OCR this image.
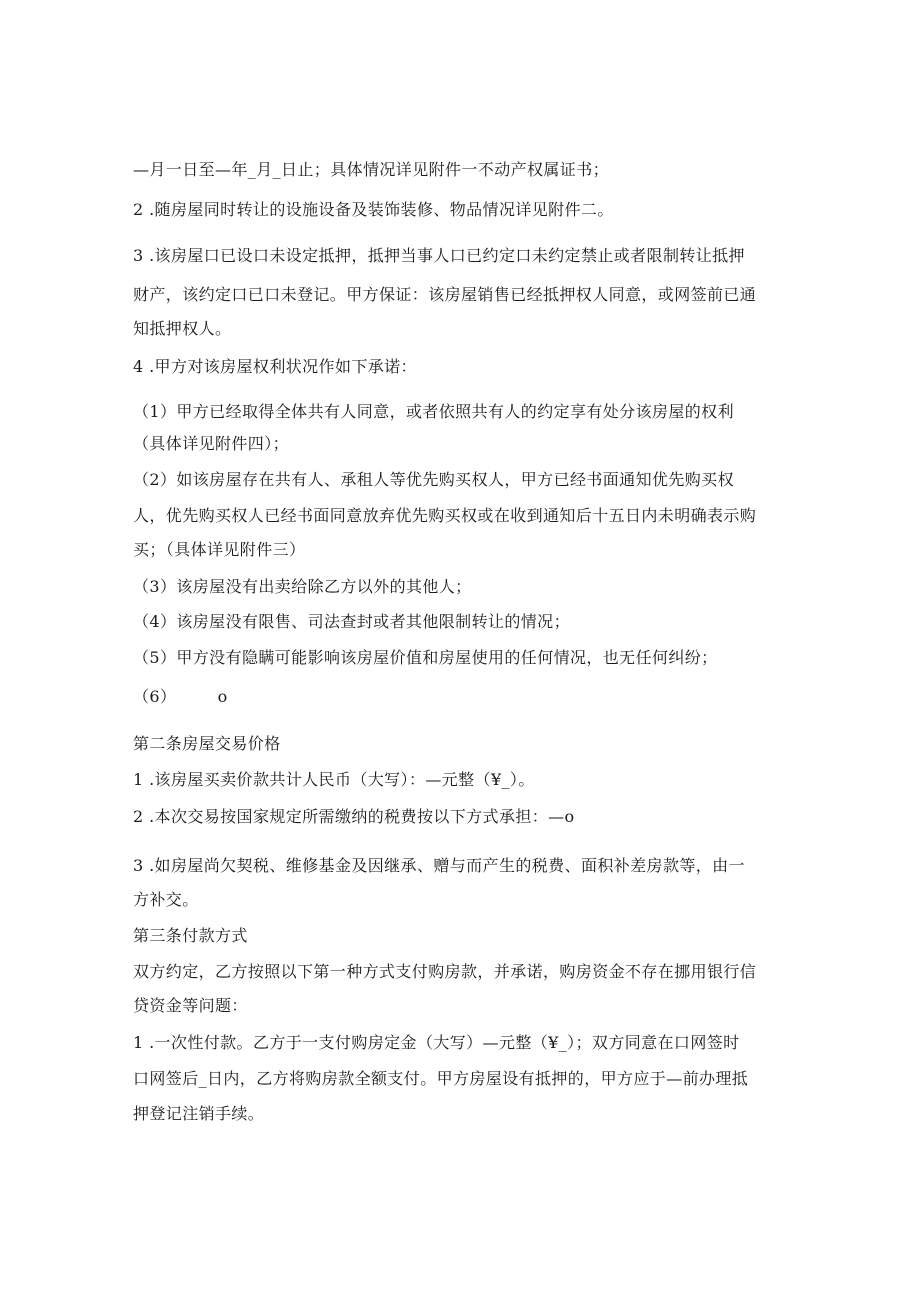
—月一日至—年_月_日止；具体情况详见附件一不动产权属证书；

2 .随房屋同时转让的设施设备及装饰装修、物品情况详见附件二。

3 .该房屋口已设口未设定抵押，抵押当事人口已约定口未约定禁止或者限制转让抵押

财产，该约定口已口未登记。甲方保证：该房屋销售已经抵押权人同意，或网签前已通

知抵押权人。

4 .甲方对该房屋权利状况作如下承诺：

（1）甲方已经取得全体共有人同意，或者依照共有人的约定享有处分该房屋的权利

（具体详见附件四）；

（2）如该房屋存在共有人、承租人等优先购买权人，甲方已经书面通知优先购买权

人，优先购买权人已经书面同意放弃优先购买权或在收到通知后十五日内未明确表示购

买；（具体详见附件三）

（3）该房屋没有出卖给除乙方以外的其他人；

（4）该房屋没有限售、司法查封或者其他限制转让的情况；

（5）甲方没有隐瞒可能影响该房屋价值和房屋使用的任何情况，也无任何纠纷；

（6）　　　o

第二条房屋交易价格

1 .该房屋买卖价款共计人民币（大写）：—元整（¥_）。

2 .本次交易按国家规定所需缴纳的税费按以下方式承担：—o

3 .如房屋尚欠契税、维修基金及因继承、赠与而产生的税费、面积补差房款等，由一

方补交。

第三条付款方式

双方约定，乙方按照以下第一种方式支付购房款，并承诺，购房资金不存在挪用银行信

贷资金等问题：

1 .一次性付款。乙方于一支付购房定金（大写）—元整（¥_）；双方同意在口网签时

口网签后_日内，乙方将购房款全额支付。甲方房屋设有抵押的，甲方应于—前办理抵

押登记注销手续。
